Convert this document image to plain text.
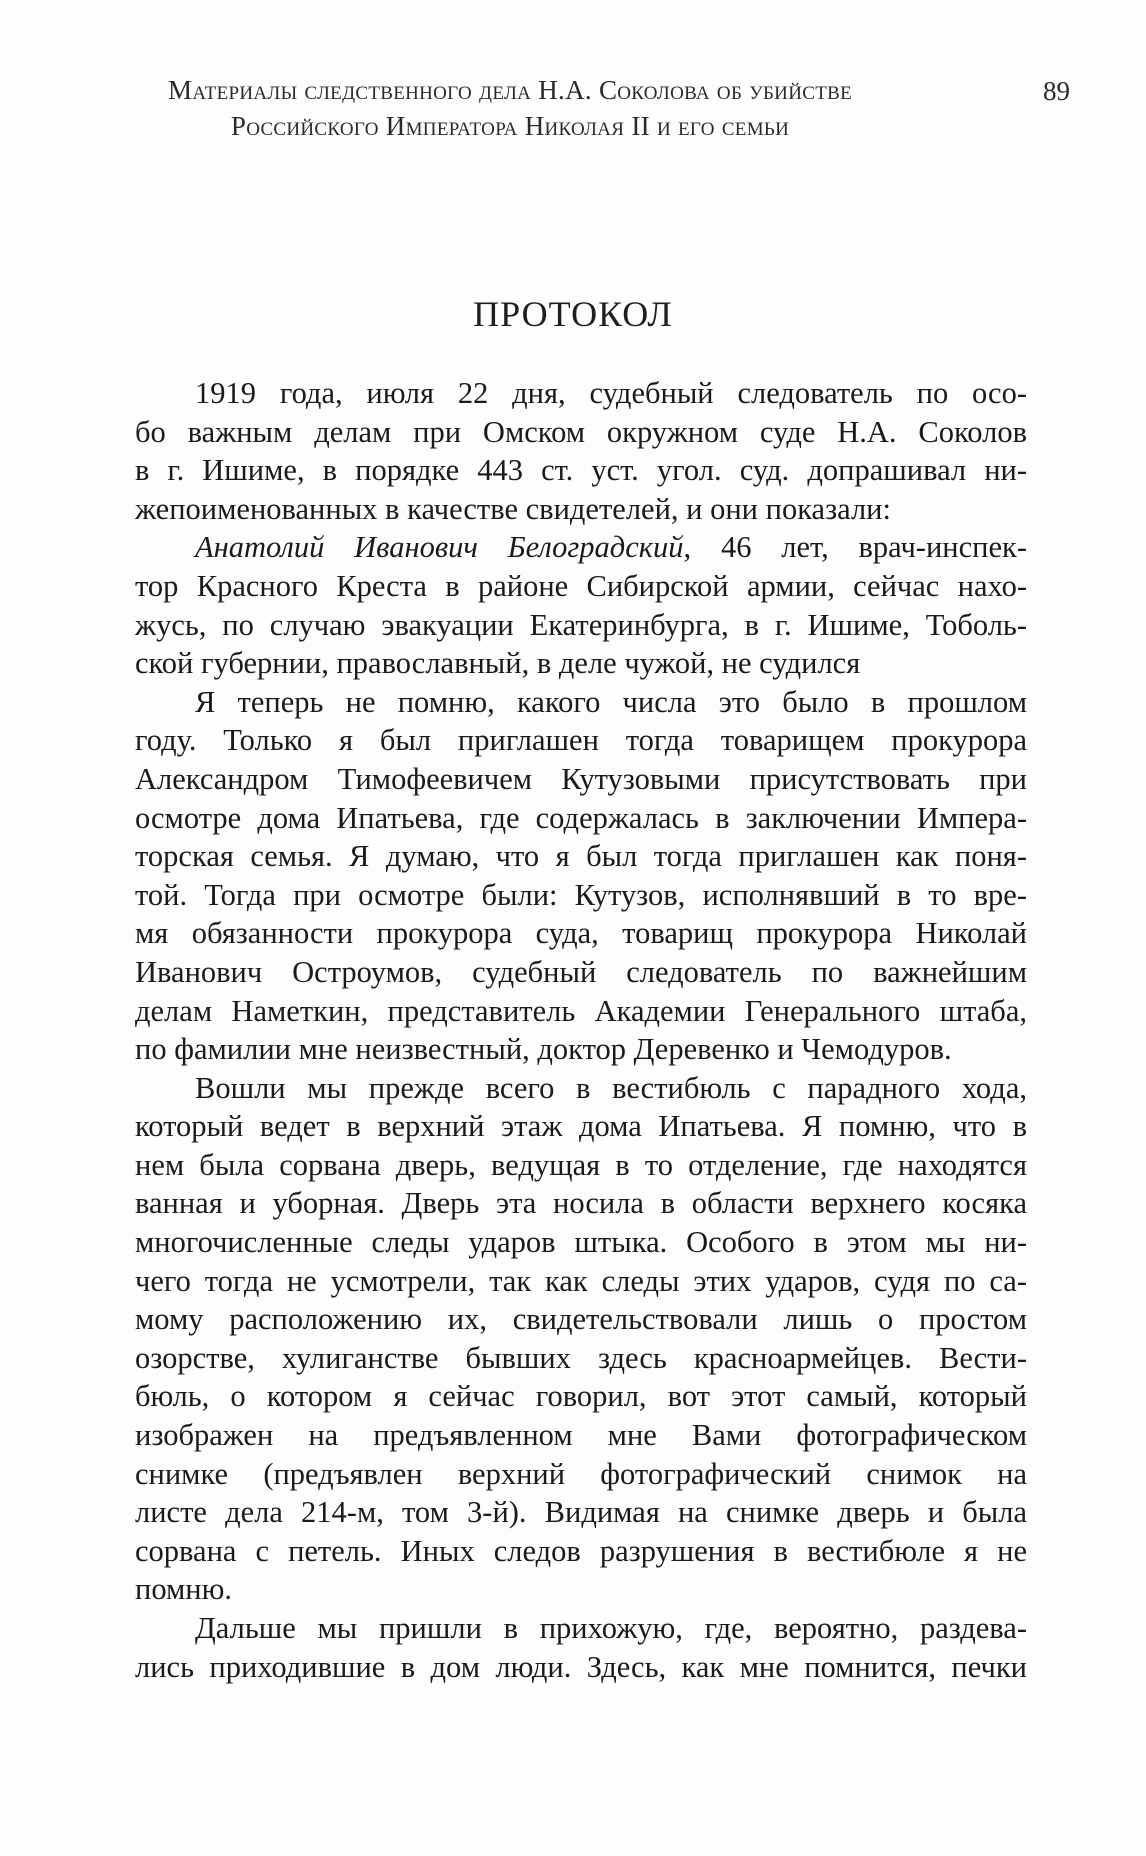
Материалы следственного дела Н.А. Соколова об убийстве
Российского Императора Николая II и его семьи
89
ПРОТОКОЛ
1919 года, июля 22 дня, судебный следователь по осо-
бо важным делам при Омском окружном суде Н.А. Соколов
в г. Ишиме, в порядке 443 ст. уст. угол. суд. допрашивал ни-
жепоименованных в качестве свидетелей, и они показали:
Анатолий Иванович Белоградский, 46 лет, врач-инспек-
тор Красного Креста в районе Сибирской армии, сейчас нахо-
жусь, по случаю эвакуации Екатеринбурга, в г. Ишиме, Тоболь-
ской губернии, православный, в деле чужой, не судился
Я теперь не помню, какого числа это было в прошлом
году. Только я был приглашен тогда товарищем прокурора
Александром Тимофеевичем Кутузовыми присутствовать при
осмотре дома Ипатьева, где содержалась в заключении Импера-
торская семья. Я думаю, что я был тогда приглашен как поня-
той. Тогда при осмотре были: Кутузов, исполнявший в то вре-
мя обязанности прокурора суда, товарищ прокурора Николай
Иванович Остроумов, судебный следователь по важнейшим
делам Наметкин, представитель Академии Генерального штаба,
по фамилии мне неизвестный, доктор Деревенко и Чемодуров.
Вошли мы прежде всего в вестибюль с парадного хода,
который ведет в верхний этаж дома Ипатьева. Я помню, что в
нем была сорвана дверь, ведущая в то отделение, где находятся
ванная и уборная. Дверь эта носила в области верхнего косяка
многочисленные следы ударов штыка. Особого в этом мы ни-
чего тогда не усмотрели, так как следы этих ударов, судя по са-
мому расположению их, свидетельствовали лишь о простом
озорстве, хулиганстве бывших здесь красноармейцев. Вести-
бюль, о котором я сейчас говорил, вот этот самый, который
изображен на предъявленном мне Вами фотографическом
снимке (предъявлен верхний фотографический снимок на
листе дела 214-м, том 3-й). Видимая на снимке дверь и была
сорвана с петель. Иных следов разрушения в вестибюле я не
помню.
Дальше мы пришли в прихожую, где, вероятно, раздева-
лись приходившие в дом люди. Здесь, как мне помнится, печки
